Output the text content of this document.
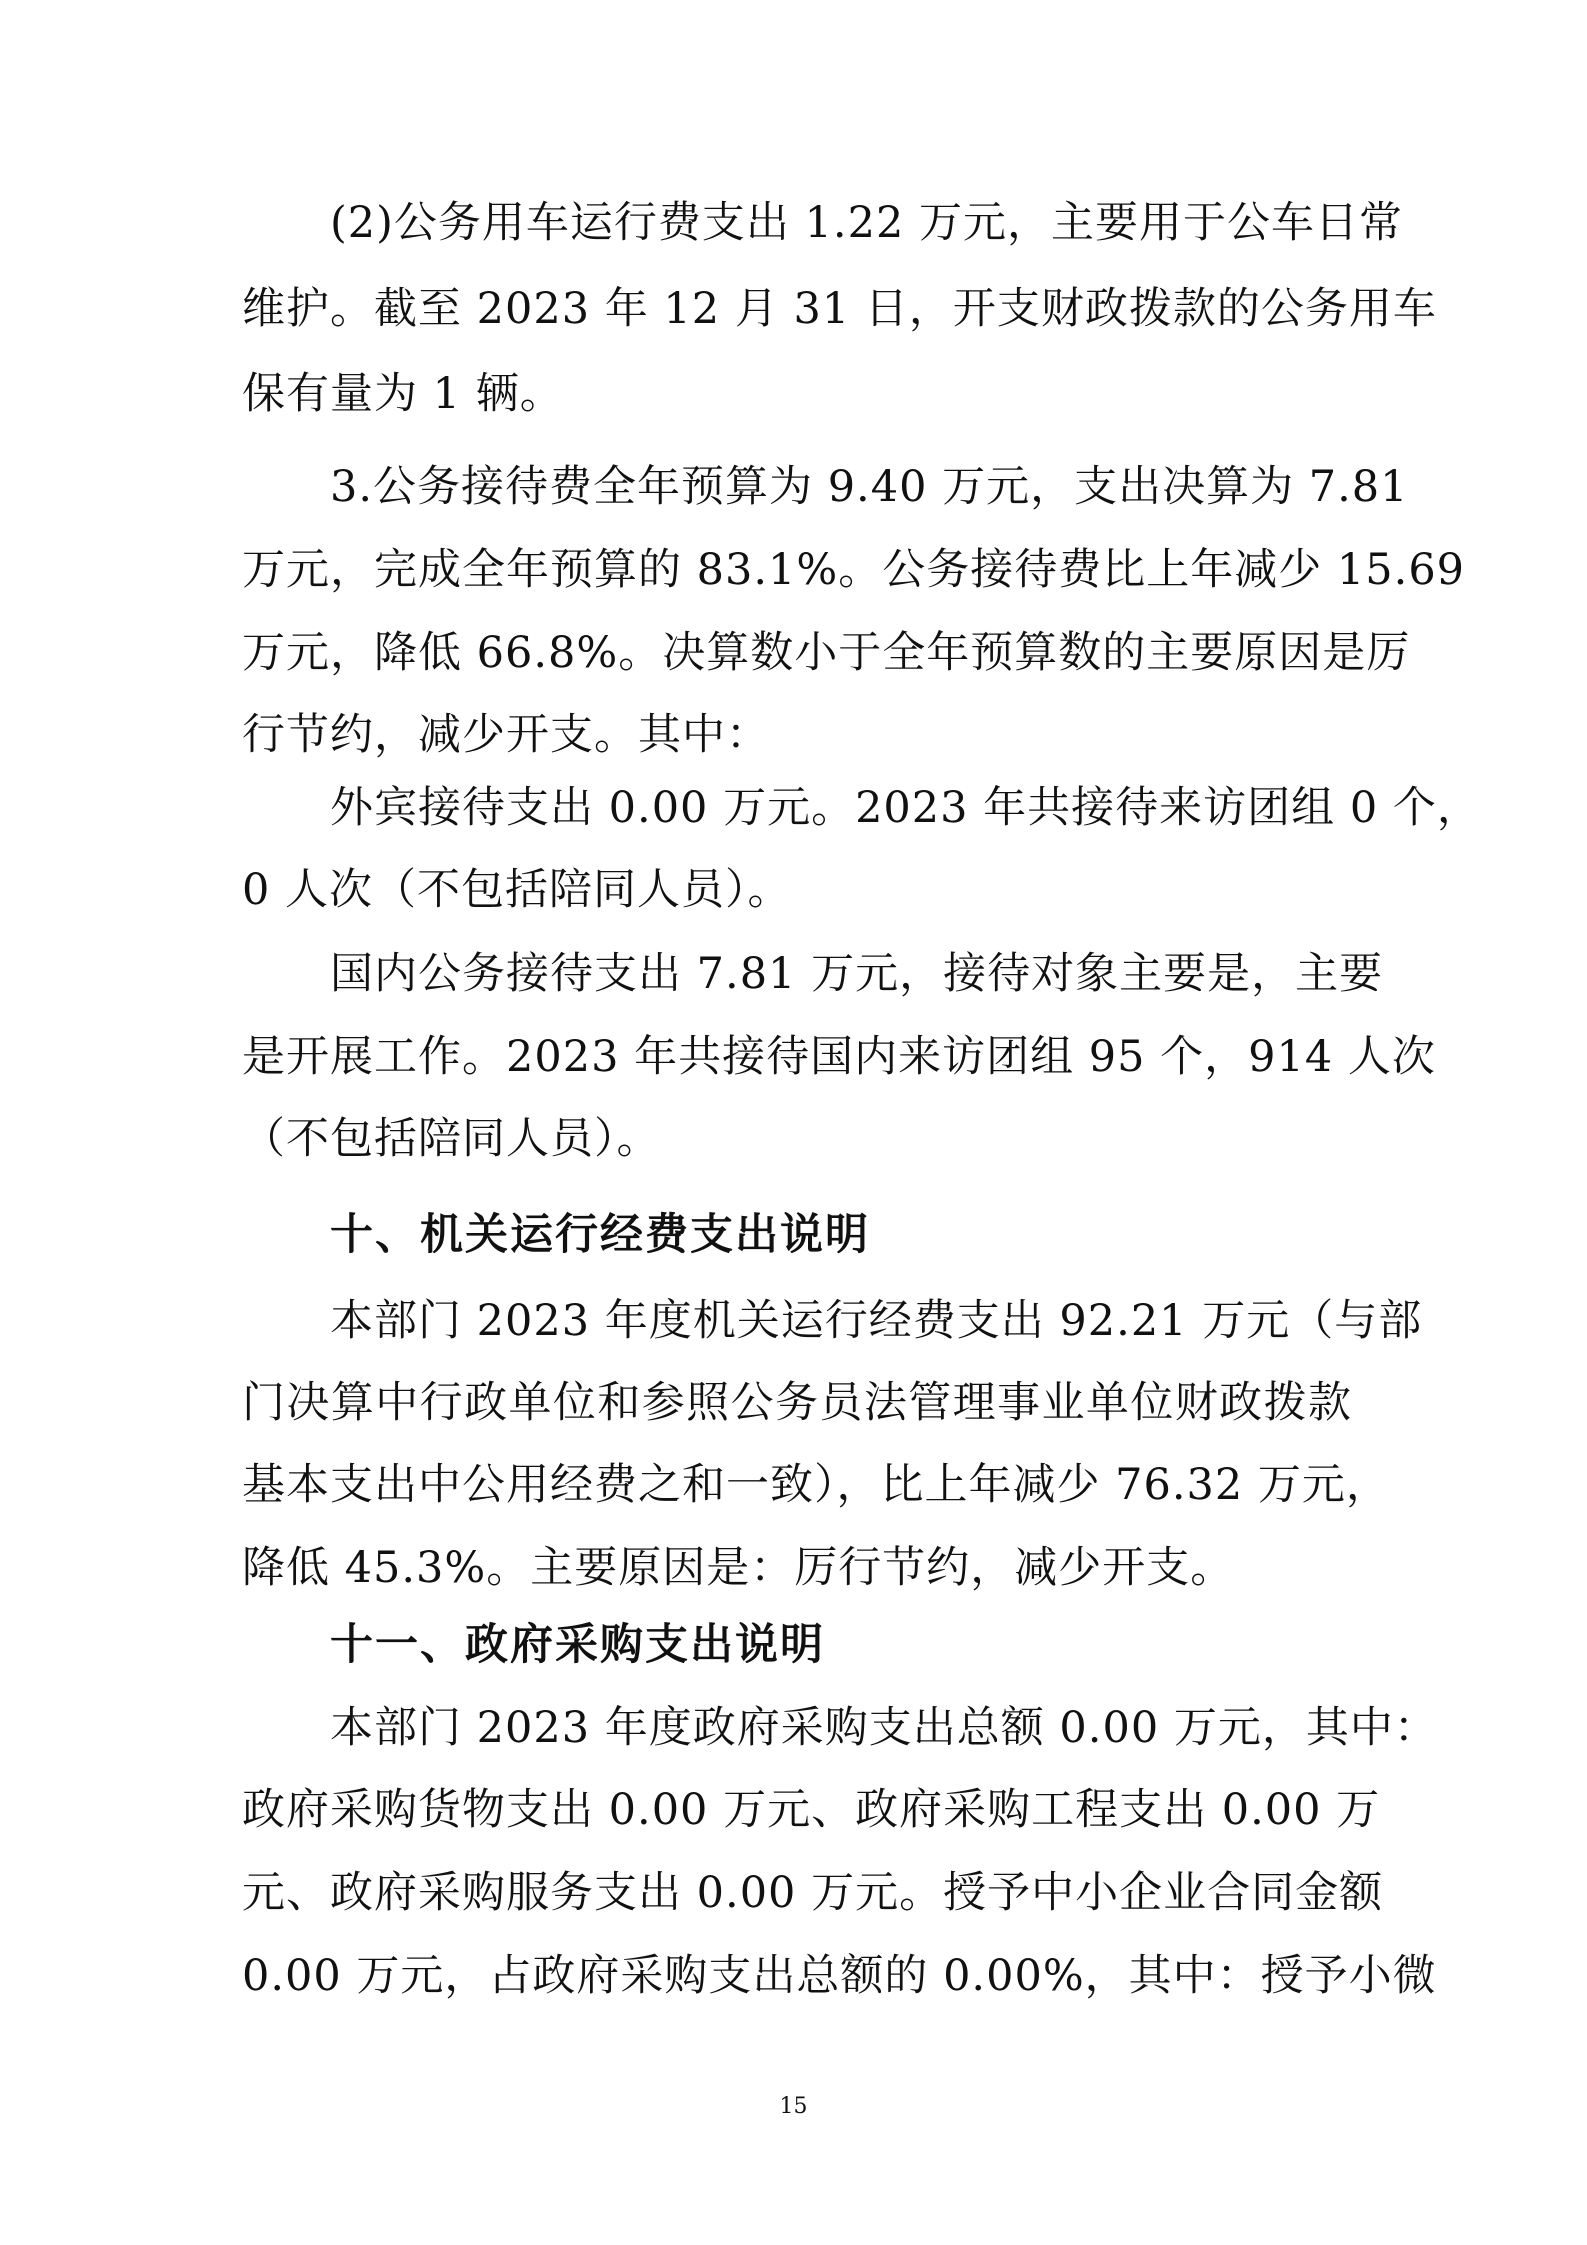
(2)公务用车运行费支出 1.22 万元，主要用于公车日常
维护。截至 2023 年 12 月 31 日，开支财政拨款的公务用车
保有量为 1 辆。
3.公务接待费全年预算为 9.40 万元，支出决算为 7.81
万元，完成全年预算的 83.1%。公务接待费比上年减少 15.69
万元，降低 66.8%。决算数小于全年预算数的主要原因是厉
行节约，减少开支。其中：
外宾接待支出 0.00 万元。2023 年共接待来访团组 0 个，
0 人次（不包括陪同人员）。
国内公务接待支出 7.81 万元，接待对象主要是，主要
是开展工作。2023 年共接待国内来访团组 95 个，914 人次
（不包括陪同人员）。
十、机关运行经费支出说明
本部门 2023 年度机关运行经费支出 92.21 万元（与部
门决算中行政单位和参照公务员法管理事业单位财政拨款
基本支出中公用经费之和一致），比上年减少 76.32 万元，
降低 45.3%。主要原因是：厉行节约，减少开支。
十一、政府采购支出说明
本部门 2023 年度政府采购支出总额 0.00 万元，其中：
政府采购货物支出 0.00 万元、政府采购工程支出 0.00 万
元、政府采购服务支出 0.00 万元。授予中小企业合同金额
0.00 万元，占政府采购支出总额的 0.00%，其中：授予小微
15
